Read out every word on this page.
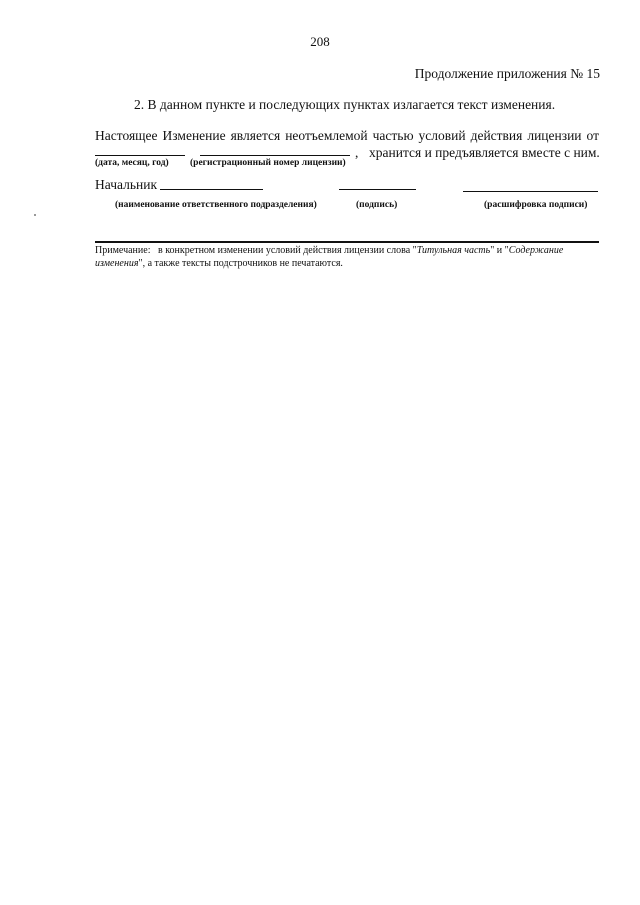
208
Продолжение приложения № 15
2. В данном пункте и последующих пунктах излагается текст изменения.
Настоящее Изменение является неотъемлемой частью условий действия лицензии от
, хранится и предъявляется вместе с ним.
(дата, месяц, год) (регистрационный номер лицензии)
Начальник
(наименование ответственного подразделения)	(подпись)	(расшифровка подписи)
Примечание: в конкретном изменении условий действия лицензии слова "Титульная часть" и "Содержание изменения", а также тексты подстрочников не печатаются.
